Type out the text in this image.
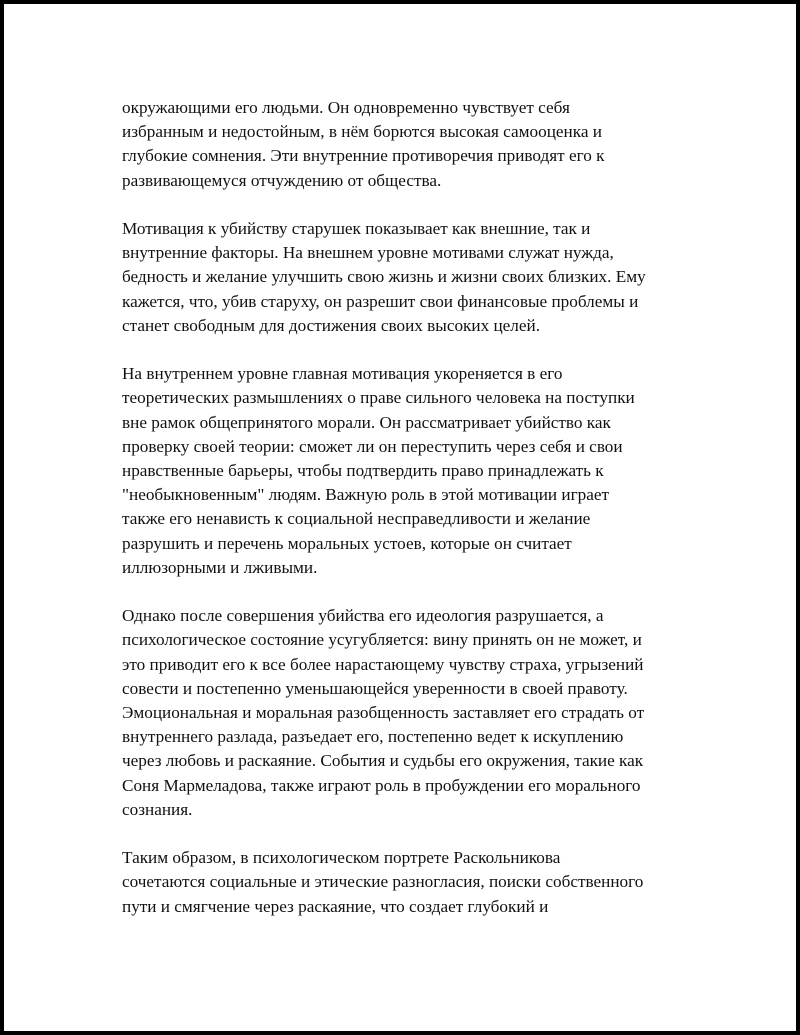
окружающими его людьми. Он одновременно чувствует себя
избранным и недостойным, в нём борются высокая самооценка и
глубокие сомнения. Эти внутренние противоречия приводят его к
развивающемуся отчуждению от общества.

Мотивация к убийству старушек показывает как внешние, так и
внутренние факторы. На внешнем уровне мотивами служат нужда,
бедность и желание улучшить свою жизнь и жизни своих близких. Ему
кажется, что, убив старуху, он разрешит свои финансовые проблемы и
станет свободным для достижения своих высоких целей.

На внутреннем уровне главная мотивация укореняется в его
теоретических размышлениях о праве сильного человека на поступки
вне рамок общепринятого морали. Он рассматривает убийство как
проверку своей теории: сможет ли он переступить через себя и свои
нравственные барьеры, чтобы подтвердить право принадлежать к
"необыкновенным" людям. Важную роль в этой мотивации играет
также его ненависть к социальной несправедливости и желание
разрушить и перечень моральных устоев, которые он считает
иллюзорными и лживыми.

Однако после совершения убийства его идеология разрушается, а
психологическое состояние усугубляется: вину принять он не может, и
это приводит его к все более нарастающему чувству страха, угрызений
совести и постепенно уменьшающейся уверенности в своей правоту.
Эмоциональная и моральная разобщенность заставляет его страдать от
внутреннего разлада, разъедает его, постепенно ведет к искуплению
через любовь и раскаяние. События и судьбы его окружения, такие как
Соня Мармеладова, также играют роль в пробуждении его морального
сознания.

Таким образом, в психологическом портрете Раскольникова
сочетаются социальные и этические разногласия, поиски собственного
пути и смягчение через раскаяние, что создает глубокий и
